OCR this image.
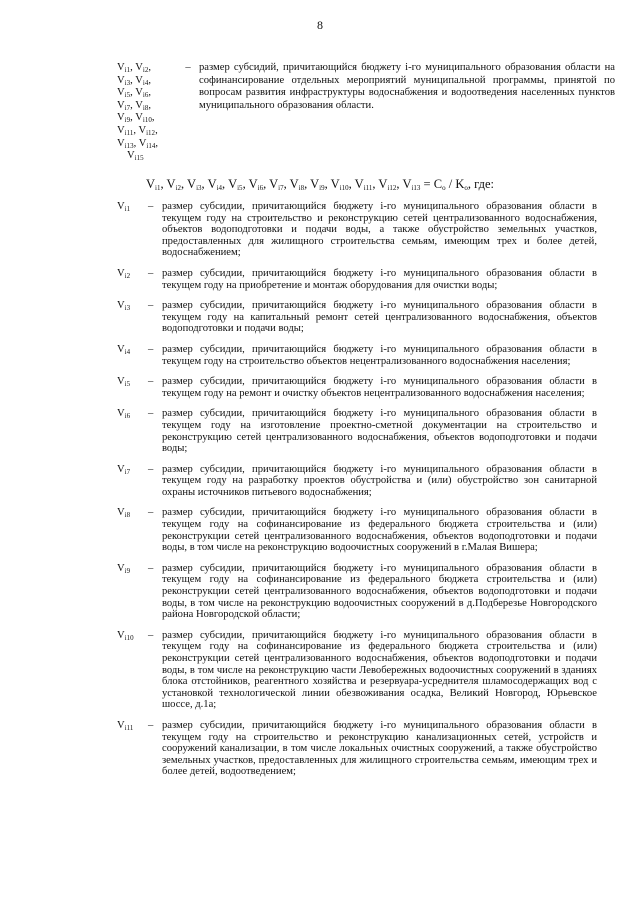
8
$V_{i1}$, $V_{i2}$,
$V_{i3}$, $V_{i4}$,
$V_{i5}$, $V_{i6}$,
$V_{i7}$, $V_{i8}$,
$V_{i9}$, $V_{i10}$,
$V_{i11}$, $V_{i12}$,
$V_{i13}$, $V_{i14}$,
$V_{i15}$
– размер субсидий, причитающийся бюджету i-го муниципального образования области на софинансирование отдельных мероприятий муниципальной программы, принятой по вопросам развития инфраструктуры водоснабжения и водоотведения населенных пунктов муниципального образования области.
$V_{i1}$, $V_{i2}$, $V_{i3}$, $V_{i4}$, $V_{i5}$, $V_{i6}$, $V_{i7}$, $V_{i8}$, $V_{i9}$, $V_{i10}$, $V_{i11}$, $V_{i12}$, $V_{i13} = C_o / K_o$, где:
$V_{i1}$	– размер субсидии, причитающийся бюджету i-го муниципального образования области в текущем году на строительство и реконструкцию сетей централизованного водоснабжения, объектов водоподготовки и подачи воды, а также обустройство земельных участков, предоставленных для жилищного строительства семьям, имеющим трех и более детей, водоснабжением;
$V_{i2}$	– размер субсидии, причитающийся бюджету i-го муниципального образования области в текущем году на приобретение и монтаж оборудования для очистки воды;
$V_{i3}$	– размер субсидии, причитающийся бюджету i-го муниципального образования области в текущем году на капитальный ремонт сетей централизованного водоснабжения, объектов водоподготовки и подачи воды;
$V_{i4}$	– размер субсидии, причитающийся бюджету i-го муниципального образования области в текущем году на строительство объектов нецентрализованного водоснабжения населения;
$V_{i5}$	– размер субсидии, причитающийся бюджету i-го муниципального образования области в текущем году на ремонт и очистку объектов нецентрализованного водоснабжения населения;
$V_{i6}$	– размер субсидии, причитающийся бюджету i-го муниципального образования области в текущем году на изготовление проектно-сметной документации на строительство и реконструкцию сетей централизованного водоснабжения, объектов водоподготовки и подачи воды;
$V_{i7}$	– размер субсидии, причитающийся бюджету i-го муниципального образования области в текущем году на разработку проектов обустройства и (или) обустройство зон санитарной охраны источников питьевого водоснабжения;
$V_{i8}$	– размер субсидии, причитающийся бюджету i-го муниципального образования области в текущем году на софинансирование из федерального бюджета строительства и (или) реконструкции сетей централизованного водоснабжения, объектов водоподготовки и подачи воды, в том числе на реконструкцию водоочистных сооружений в г.Малая Вишера;
$V_{i9}$	– размер субсидии, причитающийся бюджету i-го муниципального образования области в текущем году на софинансирование из федерального бюджета строительства и (или) реконструкции сетей централизованного водоснабжения, объектов водоподготовки и подачи воды, в том числе на реконструкцию водоочистных сооружений в д.Подберезье Новгородского района Новгородской области;
$V_{i10}$	– размер субсидии, причитающийся бюджету i-го муниципального образования области в текущем году на софинансирование из федерального бюджета строительства и (или) реконструкции сетей централизованного водоснабжения, объектов водоподготовки и подачи воды, в том числе на реконструкцию части Левобережных водоочистных сооружений в зданиях блока отстойников, реагентного хозяйства и резервуара-усреднителя шламосодержащих вод с установкой технологической линии обезвоживания осадка, Великий Новгород, Юрьевское шоссе, д.1а;
$V_{i11}$	– размер субсидии, причитающийся бюджету i-го муниципального образования области в текущем году на строительство и реконструкцию канализационных сетей, устройств и сооружений канализации, в том числе локальных очистных сооружений, а также обустройство земельных участков, предоставленных для жилищного строительства семьям, имеющим трех и более детей, водоотведением;
